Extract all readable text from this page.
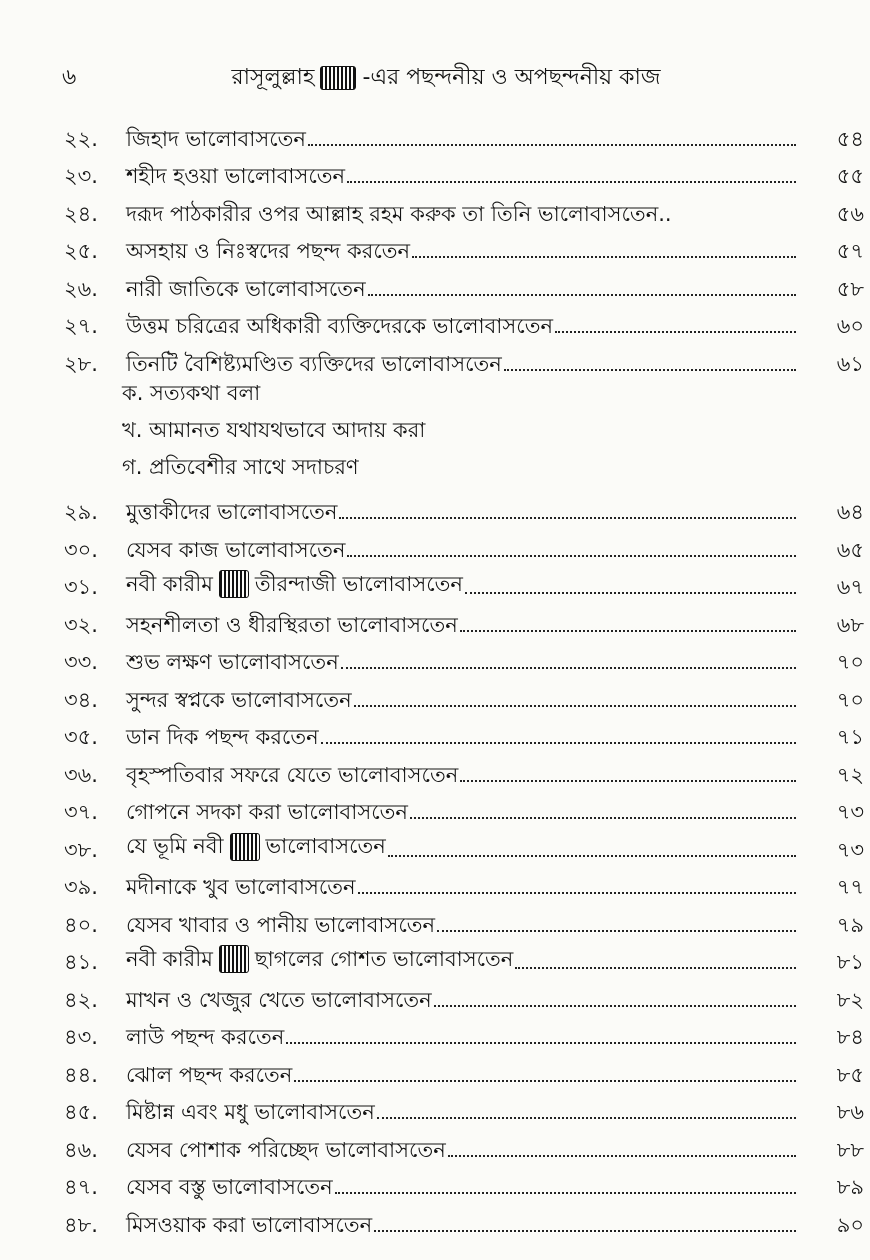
৬	রাসূলুল্লাহ -এর পছন্দনীয় ও অপছন্দনীয় কাজ
২২.	জিহাদ ভালোবাসতেন	৫৪
২৩.	শহীদ হওয়া ভালোবাসতেন	৫৫
২৪.	দরূদ পাঠকারীর ওপর আল্লাহ রহম করুক তা তিনি ভালোবাসতেন..	৫৬
২৫.	অসহায় ও নিঃস্বদের পছন্দ করতেন	৫৭
২৬.	নারী জাতিকে ভালোবাসতেন	৫৮
২৭.	উত্তম চরিত্রের অধিকারী ব্যক্তিদেরকে ভালোবাসতেন	৬০
২৮.	তিনটি বৈশিষ্ট্যমণ্ডিত ব্যক্তিদের ভালোবাসতেন	৬১
ক. সত্যকথা বলা
খ. আমানত যথাযথভাবে আদায় করা
গ. প্রতিবেশীর সাথে সদাচরণ
২৯.	মুত্তাকীদের ভালোবাসতেন	৬৪
৩০.	যেসব কাজ ভালোবাসতেন	৬৫
৩১.	নবী কারীম তীরন্দাজী ভালোবাসতেন	৬৭
৩২.	সহনশীলতা ও ধীরস্থিরতা ভালোবাসতেন	৬৮
৩৩.	শুভ লক্ষণ ভালোবাসতেন	৭০
৩৪.	সুন্দর স্বপ্নকে ভালোবাসতেন	৭০
৩৫.	ডান দিক পছন্দ করতেন	৭১
৩৬.	বৃহস্পতিবার সফরে যেতে ভালোবাসতেন	৭২
৩৭.	গোপনে সদকা করা ভালোবাসতেন	৭৩
৩৮.	যে ভূমি নবী ভালোবাসতেন	৭৩
৩৯.	মদীনাকে খুব ভালোবাসতেন	৭৭
৪০.	যেসব খাবার ও পানীয় ভালোবাসতেন	৭৯
৪১.	নবী কারীম ছাগলের গোশত ভালোবাসতেন	৮১
৪২.	মাখন ও খেজুর খেতে ভালোবাসতেন	৮২
৪৩.	লাউ পছন্দ করতেন	৮৪
৪৪.	ঝোল পছন্দ করতেন	৮৫
৪৫.	মিষ্টান্ন এবং মধু ভালোবাসতেন	৮৬
৪৬.	যেসব পোশাক পরিচ্ছেদ ভালোবাসতেন	৮৮
৪৭.	যেসব বস্তু ভালোবাসতেন	৮৯
৪৮.	মিসওয়াক করা ভালোবাসতেন	৯০
